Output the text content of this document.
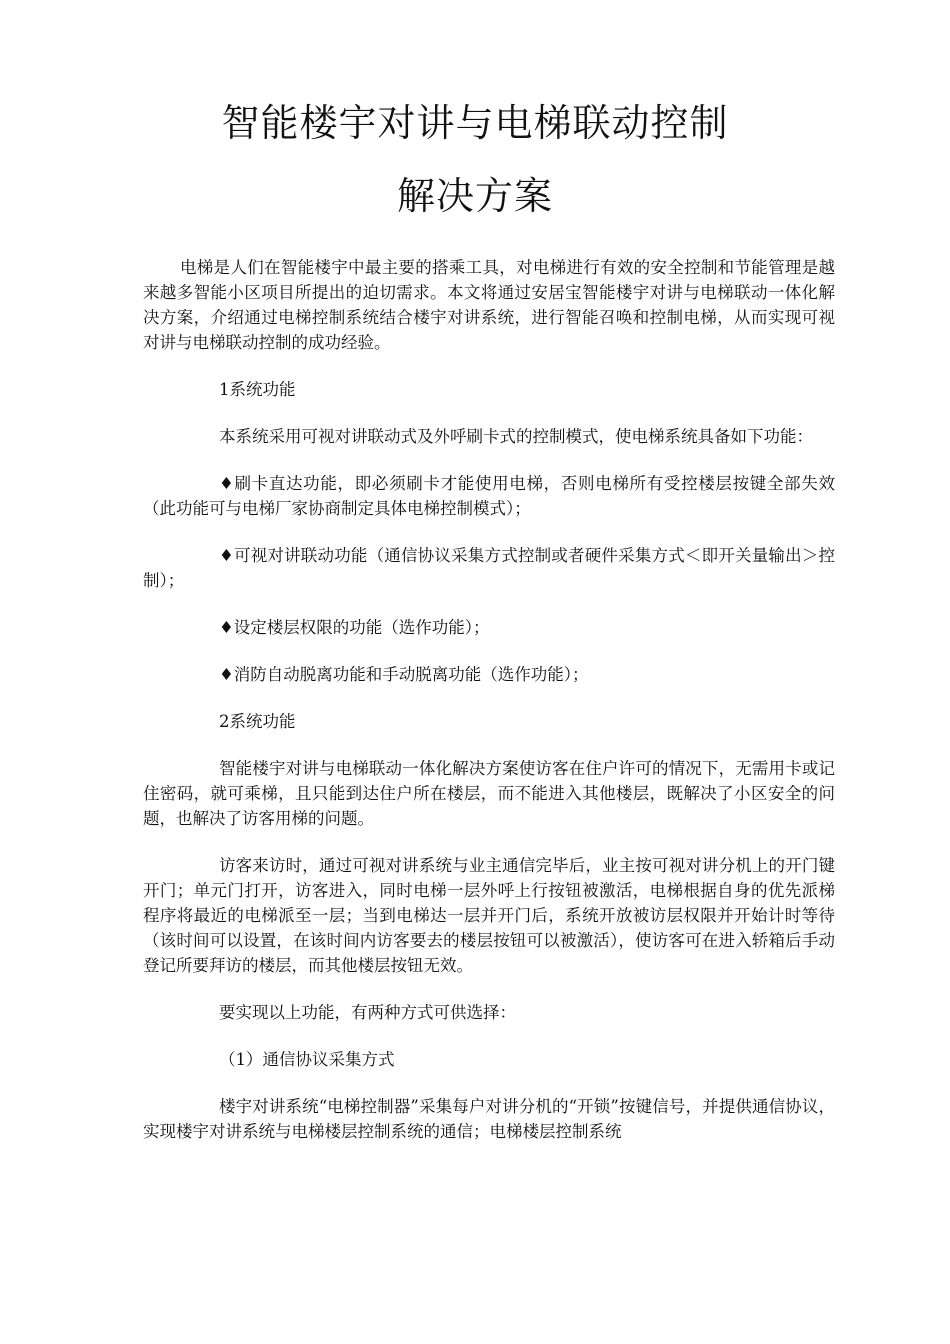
智能楼宇对讲与电梯联动控制
解决方案

电梯是人们在智能楼宇中最主要的搭乘工具，对电梯进行有效的安全控制和节能管理是越来越多智能小区项目所提出的迫切需求。本文将通过安居宝智能楼宇对讲与电梯联动一体化解决方案，介绍通过电梯控制系统结合楼宇对讲系统，进行智能召唤和控制电梯，从而实现可视对讲与电梯联动控制的成功经验。

1系统功能

本系统采用可视对讲联动式及外呼刷卡式的控制模式，使电梯系统具备如下功能：

♦刷卡直达功能，即必须刷卡才能使用电梯，否则电梯所有受控楼层按键全部失效（此功能可与电梯厂家协商制定具体电梯控制模式）；

♦可视对讲联动功能（通信协议采集方式控制或者硬件采集方式＜即开关量输出＞控制）；

♦设定楼层权限的功能（选作功能）；

♦消防自动脱离功能和手动脱离功能（选作功能）；

2系统功能

智能楼宇对讲与电梯联动一体化解决方案使访客在住户许可的情况下，无需用卡或记住密码，就可乘梯，且只能到达住户所在楼层，而不能进入其他楼层，既解决了小区安全的问题，也解决了访客用梯的问题。

访客来访时，通过可视对讲系统与业主通信完毕后，业主按可视对讲分机上的开门键开门；单元门打开，访客进入，同时电梯一层外呼上行按钮被激活，电梯根据自身的优先派梯程序将最近的电梯派至一层；当到电梯达一层并开门后，系统开放被访层权限并开始计时等待（该时间可以设置，在该时间内访客要去的楼层按钮可以被激活），使访客可在进入轿箱后手动登记所要拜访的楼层，而其他楼层按钮无效。

要实现以上功能，有两种方式可供选择：

（1）通信协议采集方式

楼宇对讲系统“电梯控制器”采集每户对讲分机的“开锁”按键信号，并提供通信协议，实现楼宇对讲系统与电梯楼层控制系统的通信；电梯楼层控制系统
